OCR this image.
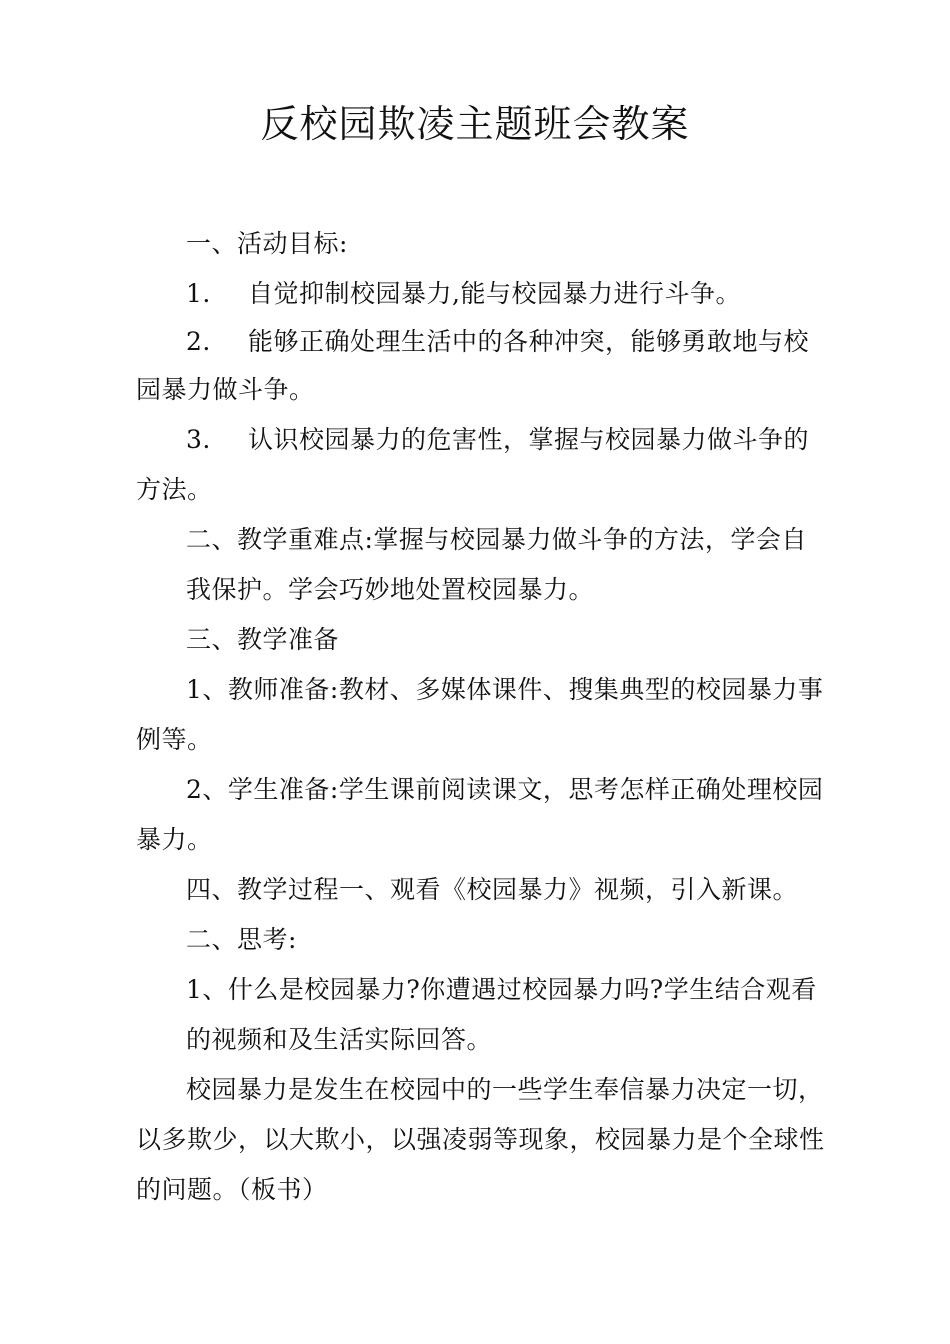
反校园欺凌主题班会教案

一、活动目标:

1. 自觉抑制校园暴力,能与校园暴力进行斗争。

2. 能够正确处理生活中的各种冲突，能够勇敢地与校

园暴力做斗争。

3. 认识校园暴力的危害性，掌握与校园暴力做斗争的

方法。

二、教学重难点:掌握与校园暴力做斗争的方法，学会自

我保护。学会巧妙地处置校园暴力。

三、教学准备

1、教师准备:教材、多媒体课件、搜集典型的校园暴力事

例等。

2、学生准备:学生课前阅读课文，思考怎样正确处理校园

暴力。

四、教学过程一、观看《校园暴力》视频，引入新课。

二、思考:

1、什么是校园暴力?你遭遇过校园暴力吗?学生结合观看

的视频和及生活实际回答。

校园暴力是发生在校园中的一些学生奉信暴力决定一切，

以多欺少，以大欺小，以强凌弱等现象，校园暴力是个全球性

的问题。（板书）
